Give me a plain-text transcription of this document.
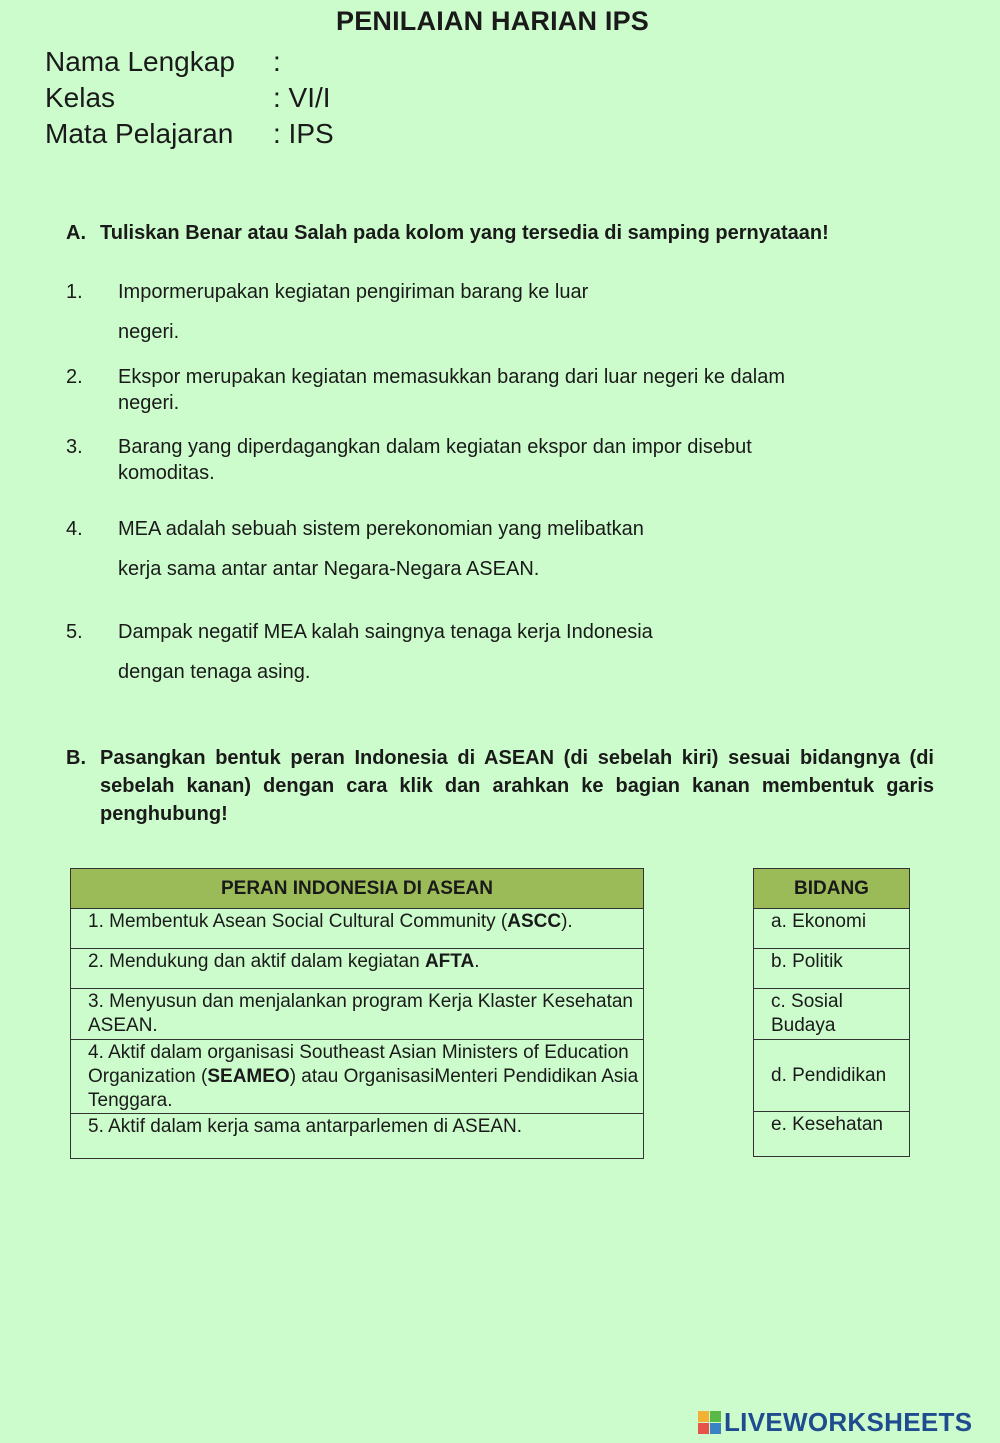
PENILAIAN HARIAN IPS
Nama Lengkap :
Kelas	: VI/I
Mata Pelajaran : IPS
A. Tuliskan Benar atau Salah pada kolom yang tersedia di samping pernyataan!
1. Impormerupakan kegiatan pengiriman barang ke luar
negeri.
2. Ekspor merupakan kegiatan memasukkan barang dari luar negeri ke dalam
negeri.
3. Barang yang diperdagangkan dalam kegiatan ekspor dan impor disebut
komoditas.
4. MEA adalah sebuah sistem perekonomian yang melibatkan
kerja sama antar antar Negara-Negara ASEAN.
5. Dampak negatif MEA kalah saingnya tenaga kerja Indonesia
dengan tenaga asing.
B. Pasangkan bentuk peran Indonesia di ASEAN (di sebelah kiri) sesuai bidangnya (di sebelah kanan) dengan cara klik dan arahkan ke bagian kanan membentuk garis penghubung!
PERAN INDONESIA DI ASEAN
1. Membentuk Asean Social Cultural Community (ASCC).
2. Mendukung dan aktif dalam kegiatan AFTA.
3. Menyusun dan menjalankan program Kerja Klaster Kesehatan ASEAN.
4. Aktif dalam organisasi Southeast Asian Ministers of Education Organization (SEAMEO) atau OrganisasiMenteri Pendidikan Asia Tenggara.
5. Aktif dalam kerja sama antarparlemen di ASEAN.
BIDANG
a. Ekonomi
b. Politik
c. Sosial Budaya
d. Pendidikan
e. Kesehatan
LIVEWORKSHEETS
